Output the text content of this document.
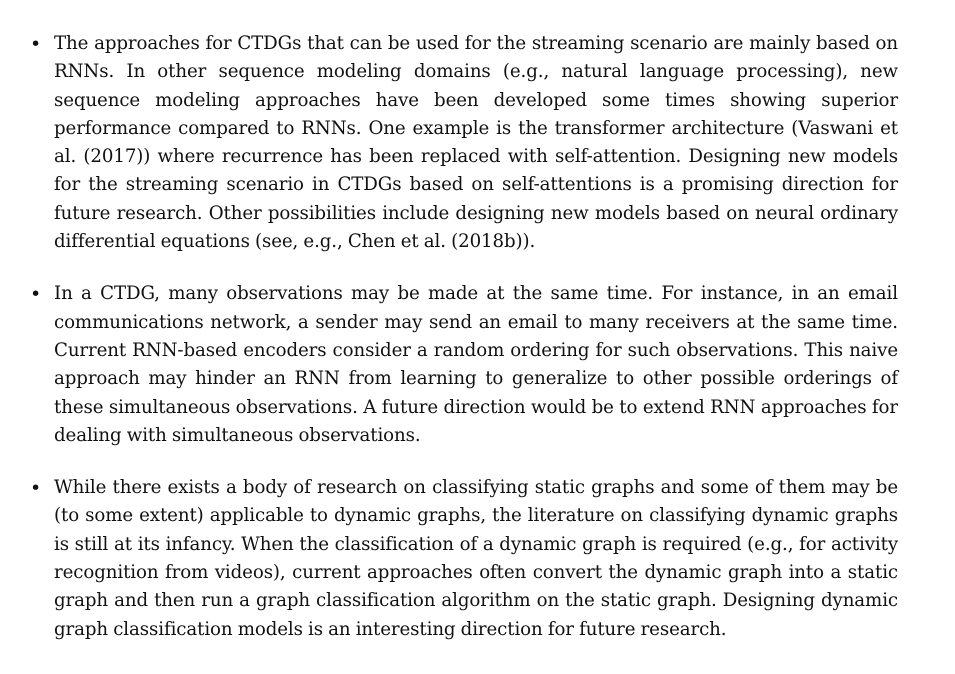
• The approaches for CTDGs that can be used for the streaming scenario are mainly based on RNNs. In other sequence modeling domains (e.g., natural language processing), new sequence modeling approaches have been developed some times showing superior performance compared to RNNs. One example is the transformer architecture (Vaswani et al. (2017)) where recurrence has been replaced with self-attention. Designing new models for the streaming scenario in CTDGs based on self-attentions is a promising direction for future research. Other possibilities include designing new models based on neural ordinary differential equations (see, e.g., Chen et al. (2018b)).

• In a CTDG, many observations may be made at the same time. For instance, in an email communications network, a sender may send an email to many receivers at the same time. Current RNN-based encoders consider a random ordering for such observations. This naive approach may hinder an RNN from learning to generalize to other possible orderings of these simultaneous observations. A future direction would be to extend RNN approaches for dealing with simultaneous observations.

• While there exists a body of research on classifying static graphs and some of them may be (to some extent) applicable to dynamic graphs, the literature on classifying dynamic graphs is still at its infancy. When the classification of a dynamic graph is required (e.g., for activity recognition from videos), current approaches often convert the dynamic graph into a static graph and then run a graph classification algorithm on the static graph. Designing dynamic graph classification models is an interesting direction for future research.
